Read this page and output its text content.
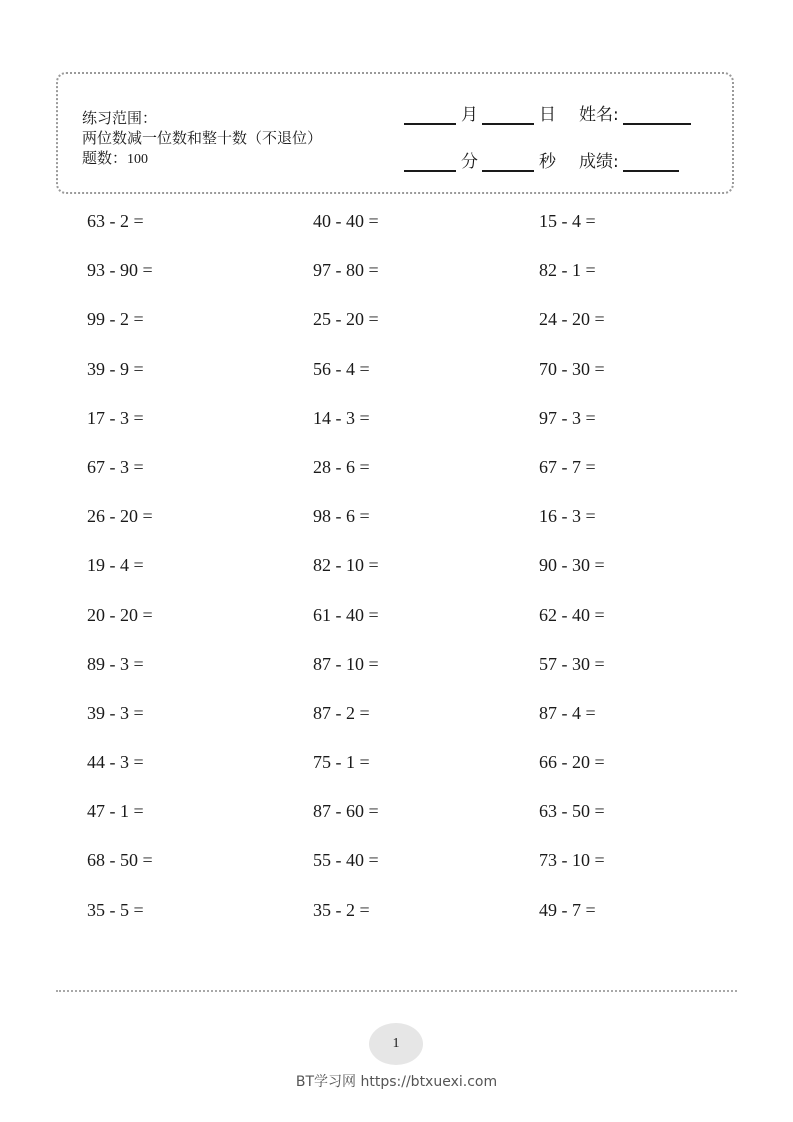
练习范围：
两位数减一位数和整十数（不退位）
题数：100
月	日 姓名:
分	秒 成绩:
63 - 2 =	40 - 40 =	15 - 4 =
93 - 90 =	97 - 80 =	82 - 1 =
99 - 2 =	25 - 20 =	24 - 20 =
39 - 9 =	56 - 4 =	70 - 30 =
17 - 3 =	14 - 3 =	97 - 3 =
67 - 3 =	28 - 6 =	67 - 7 =
26 - 20 =	98 - 6 =	16 - 3 =
19 - 4 =	82 - 10 =	90 - 30 =
20 - 20 =	61 - 40 =	62 - 40 =
89 - 3 =	87 - 10 =	57 - 30 =
39 - 3 =	87 - 2 =	87 - 4 =
44 - 3 =	75 - 1 =	66 - 20 =
47 - 1 =	87 - 60 =	63 - 50 =
68 - 50 =	55 - 40 =	73 - 10 =
35 - 5 =	35 - 2 =	49 - 7 =
1
BT学习网 https://btxuexi.com
